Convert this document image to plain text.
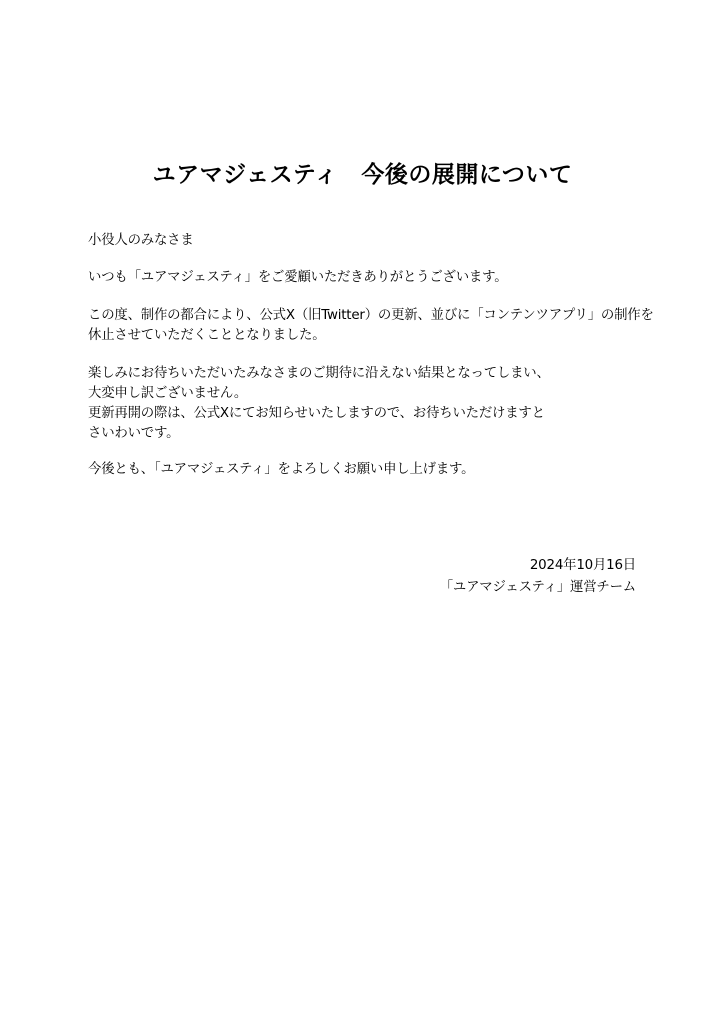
ユアマジェスティ　今後の展開について

小役人のみなさま

いつも「ユアマジェスティ」をご愛顧いただきありがとうございます。

この度、制作の都合により、公式X（旧Twitter）の更新、並びに「コンテンツアプリ」の制作を

休止させていただくこととなりました。

楽しみにお待ちいただいたみなさまのご期待に沿えない結果となってしまい、

大変申し訳ございません。

更新再開の際は、公式Xにてお知らせいたしますので、お待ちいただけますと

さいわいです。

今後とも、「ユアマジェスティ」をよろしくお願い申し上げます。

2024年10月16日
「ユアマジェスティ」運営チーム
